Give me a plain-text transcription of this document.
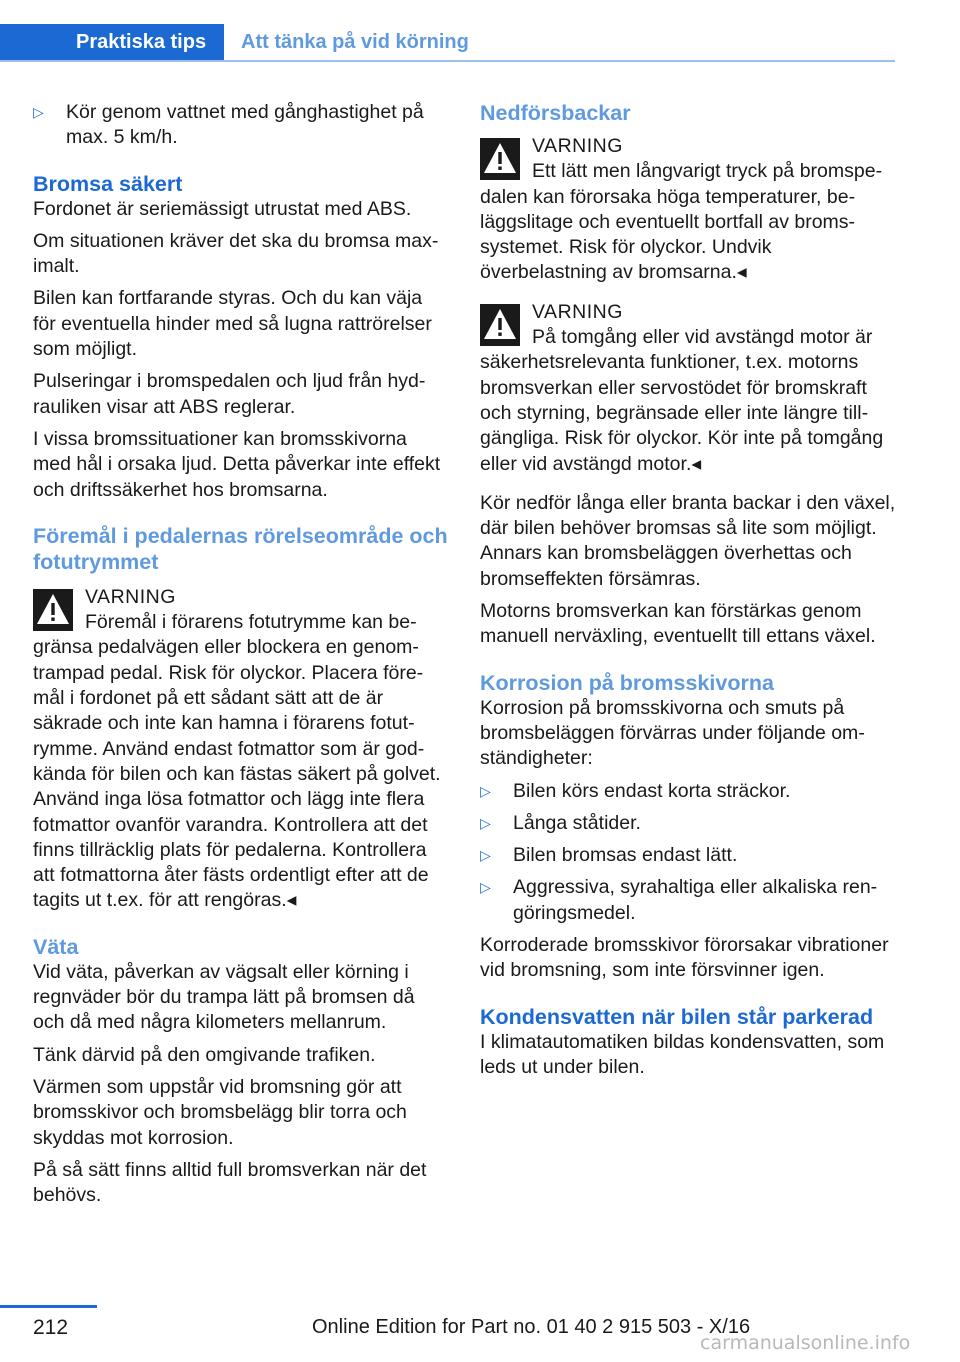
Praktiska tips	Att tänka på vid körning
▷	Kör genom vattnet med gånghastighet på max. 5 km/h.
Bromsa säkert

Fordonet är seriemässigt utrustat med ABS.

Om situationen kräver det ska du bromsa maximalt.

Bilen kan fortfarande styras. Och du kan väja för eventuella hinder med så lugna rattrörelser som möjligt.

Pulseringar i bromspedalen och ljud från hydrauliken visar att ABS reglerar.

I vissa bromssituationer kan bromsskivorna med hål i orsaka ljud. Detta påverkar inte effekt och driftssäkerhet hos bromsarna.

Föremål i pedalernas rörelseområde och fotutrymmet
VARNING
Föremål i förarens fotutrymme kan begränsa pedalvägen eller blockera en genomtrampad pedal. Risk för olyckor. Placera föremål i fordonet på ett sådant sätt att de är säkrade och inte kan hamna i förarens fotutrymme. Använd endast fotmattor som är godkända för bilen och kan fästas säkert på golvet. Använd inga lösa fotmattor och lägg inte flera fotmattor ovanför varandra. Kontrollera att det finns tillräcklig plats för pedalerna. Kontrollera att fotmattorna åter fästs ordentligt efter att de tagits ut t.ex. för att rengöras.◂
Väta

Vid väta, påverkan av vägsalt eller körning i regnväder bör du trampa lätt på bromsen då och då med några kilometers mellanrum.

Tänk därvid på den omgivande trafiken.

Värmen som uppstår vid bromsning gör att bromsskivor och bromsbelägg blir torra och skyddas mot korrosion.

På så sätt finns alltid full bromsverkan när det behövs.

Nedförsbackar
VARNING
Ett lätt men långvarigt tryck på bromspedalen kan förorsaka höga temperaturer, beläggslitage och eventuellt bortfall av bromssystemet. Risk för olyckor. Undvik överbelastning av bromsarna.◂
VARNING
På tomgång eller vid avstängd motor är säkerhetsrelevanta funktioner, t.ex. motorns bromsverkan eller servostödet för bromskraft och styrning, begränsade eller inte längre tillgängliga. Risk för olyckor. Kör inte på tomgång eller vid avstängd motor.◂

Kör nedför långa eller branta backar i den växel, där bilen behöver bromsas så lite som möjligt. Annars kan bromsbeläggen överhettas och bromseffekten försämras.

Motorns bromsverkan kan förstärkas genom manuell nerväxling, eventuellt till ettans växel.

Korrosion på bromsskivorna

Korrosion på bromsskivorna och smuts på bromsbeläggen förvärras under följande omständigheter:

▷	Bilen körs endast korta sträckor.
▷	Långa ståtider.
▷	Bilen bromsas endast lätt.
▷	Aggressiva, syrahaltiga eller alkaliska rengöringsmedel.

Korroderade bromsskivor förorsakar vibrationer vid bromsning, som inte försvinner igen.

Kondensvatten när bilen står parkerad

I klimatautomatiken bildas kondensvatten, som leds ut under bilen.

212	Online Edition for Part no. 01 40 2 915 503 - X/16
carmanualsonline.info
